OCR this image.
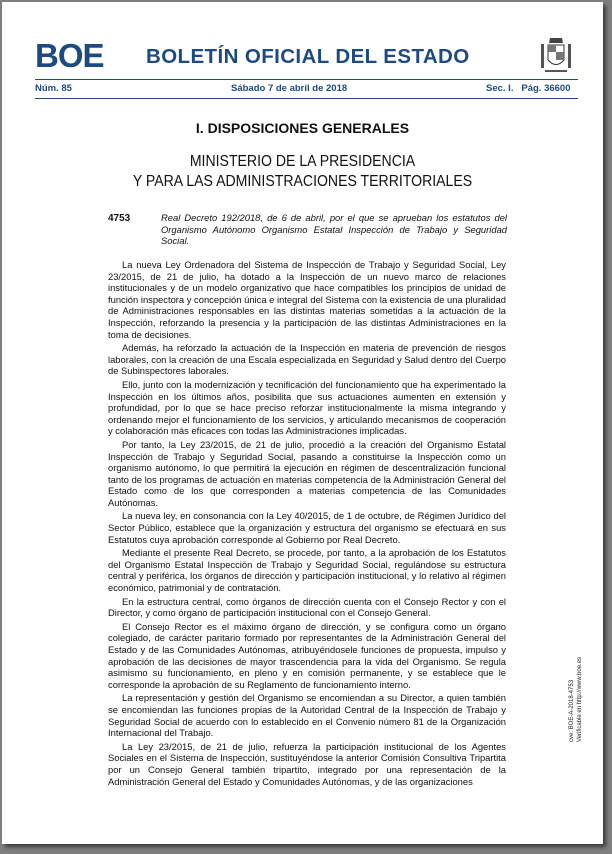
BOE BOLETÍN OFICIAL DEL ESTADO
Núm. 85	Sábado 7 de abril de 2018	Sec. I.   Pág. 36600
I. DISPOSICIONES GENERALES
MINISTERIO DE LA PRESIDENCIA
Y PARA LAS ADMINISTRACIONES TERRITORIALES
4753	Real Decreto 192/2018, de 6 de abril, por el que se aprueban los estatutos del Organismo Autónomo Organismo Estatal Inspección de Trabajo y Seguridad Social.

La nueva Ley Ordenadora del Sistema de Inspección de Trabajo y Seguridad Social, Ley 23/2015, de 21 de julio, ha dotado a la Inspección de un nuevo marco de relaciones institucionales y de un modelo organizativo que hace compatibles los principios de unidad de función inspectora y concepción única e integral del Sistema con la existencia de una pluralidad de Administraciones responsables en las distintas materias sometidas a la actuación de la Inspección, reforzando la presencia y la participación de las distintas Administraciones en la toma de decisiones.

Además, ha reforzado la actuación de la Inspección en materia de prevención de riesgos laborales, con la creación de una Escala especializada en Seguridad y Salud dentro del Cuerpo de Subinspectores laborales.

Ello, junto con la modernización y tecnificación del funcionamiento que ha experimentado la Inspección en los últimos años, posibilita que sus actuaciones aumenten en extensión y profundidad, por lo que se hace preciso reforzar institucionalmente la misma integrando y ordenando mejor el funcionamiento de los servicios, y articulando mecanismos de cooperación y colaboración más eficaces con todas las Administraciones implicadas.

Por tanto, la Ley 23/2015, de 21 de julio, procedió a la creación del Organismo Estatal Inspección de Trabajo y Seguridad Social, pasando a constituirse la Inspección como un organismo autónomo, lo que permitirá la ejecución en régimen de descentralización funcional tanto de los programas de actuación en materias competencia de la Administración General del Estado como de los que corresponden a materias competencia de las Comunidades Autónomas.

La nueva ley, en consonancia con la Ley 40/2015, de 1 de octubre, de Régimen Jurídico del Sector Público, establece que la organización y estructura del organismo se efectuará en sus Estatutos cuya aprobación corresponde al Gobierno por Real Decreto.

Mediante el presente Real Decreto, se procede, por tanto, a la aprobación de los Estatutos del Organismo Estatal Inspección de Trabajo y Seguridad Social, regulándose su estructura central y periférica, los órganos de dirección y participación institucional, y lo relativo al régimen económico, patrimonial y de contratación.

En la estructura central, como órganos de dirección cuenta con el Consejo Rector y con el Director, y como órgano de participación institucional con el Consejo General.

El Consejo Rector es el máximo órgano de dirección, y se configura como un órgano colegiado, de carácter paritario formado por representantes de la Administración General del Estado y de las Comunidades Autónomas, atribuyéndosele funciones de propuesta, impulso y aprobación de las decisiones de mayor trascendencia para la vida del Organismo. Se regula asimismo su funcionamiento, en pleno y en comisión permanente, y se establece que le corresponde la aprobación de su Reglamento de funcionamiento interno.

La representación y gestión del Organismo se encomiendan a su Director, a quien también se encomiendan las funciones propias de la Autoridad Central de la Inspección de Trabajo y Seguridad Social de acuerdo con lo establecido en el Convenio número 81 de la Organización Internacional del Trabajo.

La Ley 23/2015, de 21 de julio, refuerza la participación institucional de los Agentes Sociales en el Sistema de Inspección, sustituyéndose la anterior Comisión Consultiva Tripartita por un Consejo General también tripartito, integrado por una representación de la Administración General del Estado y Comunidades Autónomas, y de las organizaciones

cve: BOE-A-2018-4753 Verificable en http://www.boe.es
